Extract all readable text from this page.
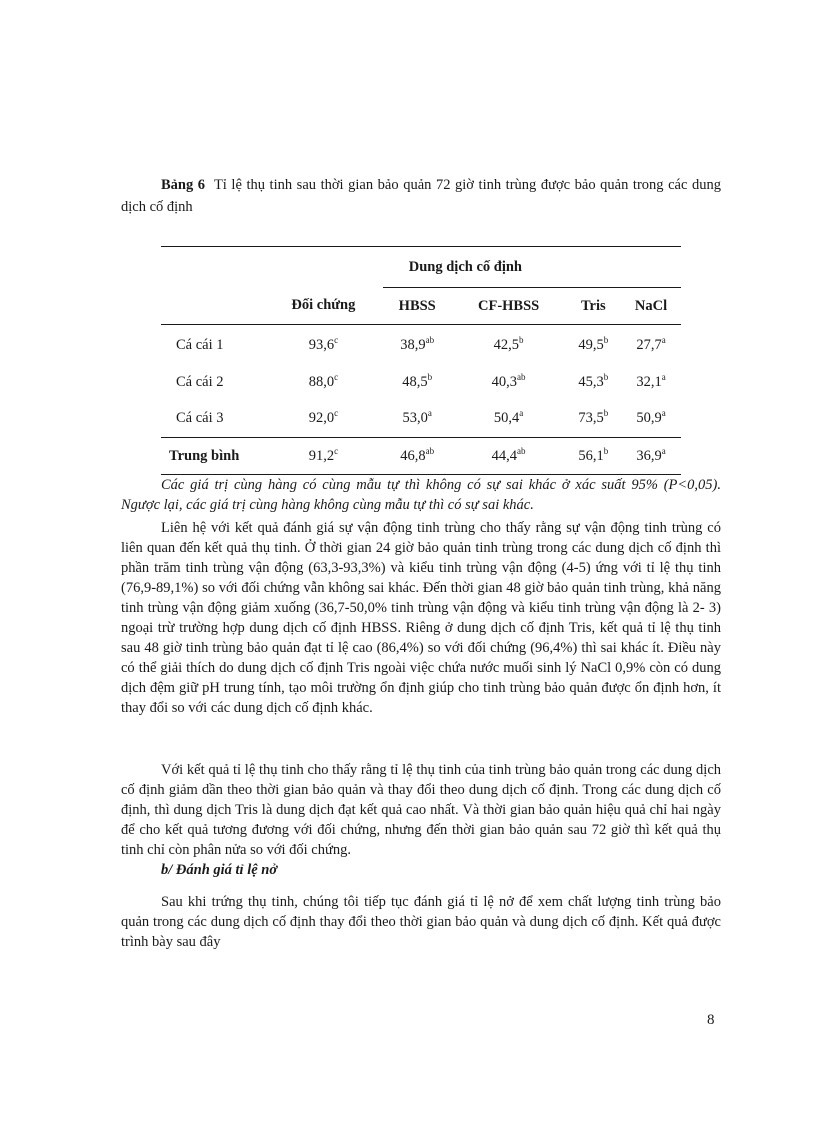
Bảng 6 Tỉ lệ thụ tinh sau thời gian bảo quản 72 giờ tinh trùng được bảo quản trong các dung dịch cố định
		Dung dịch cố định			
	Đối chứng	HBSS	CF-HBSS	Tris	NaCl
Cá cái 1	93,6$^c$	38,9$^{ab}$	42,5$^b$	49,5$^b$	27,7$^a$
Cá cái 2	88,0$^c$	48,5$^b$	40,3$^{ab}$	45,3$^b$	32,1$^a$
Cá cái 3	92,0$^c$	53,0$^a$	50,4$^a$	73,5$^b$	50,9$^a$
Trung bình	91,2$^c$	46,8$^{ab}$	44,4$^{ab}$	56,1$^b$	36,9$^a$
Các giá trị cùng hàng có cùng mẫu tự thì không có sự sai khác ở xác suất 95% (P<0,05). Ngược lại, các giá trị cùng hàng không cùng mẫu tự thì có sự sai khác.
Liên hệ với kết quả đánh giá sự vận động tinh trùng cho thấy rằng sự vận động tinh trùng có liên quan đến kết quả thụ tinh. Ở thời gian 24 giờ bảo quản tinh trùng trong các dung dịch cố định thì phần trăm tinh trùng vận động (63,3-93,3%) và kiểu tinh trùng vận động (4-5) ứng với tỉ lệ thụ tinh (76,9-89,1%) so với đối chứng vẫn không sai khác. Đến thời gian 48 giờ bảo quản tinh trùng, khả năng tinh trùng vận động giảm xuống (36,7-50,0% tinh trùng vận động và kiểu tinh trùng vận động là 2- 3) ngoại trừ trường hợp dung dịch cố định HBSS. Riêng ở dung dịch cố định Tris, kết quả tỉ lệ thụ tinh sau 48 giờ tinh trùng bảo quản đạt tỉ lệ cao (86,4%) so với đối chứng (96,4%) thì sai khác ít. Điều này có thể giải thích do dung dịch cố định Tris ngoài việc chứa nước muối sinh lý NaCl 0,9% còn có dung dịch đệm giữ pH trung tính, tạo môi trường ổn định giúp cho tinh trùng bảo quản được ổn định hơn, ít thay đổi so với các dung dịch cố định khác.
Với kết quả tỉ lệ thụ tinh cho thấy rằng tỉ lệ thụ tinh của tinh trùng bảo quản trong các dung dịch cố định giảm dần theo thời gian bảo quản và thay đổi theo dung dịch cố định. Trong các dung dịch cố định, thì dung dịch Tris là dung dịch đạt kết quả cao nhất. Và thời gian bảo quản hiệu quả chỉ hai ngày để cho kết quả tương đương với đối chứng, nhưng đến thời gian bảo quản sau 72 giờ thì kết quả thụ tinh chỉ còn phân nửa so với đối chứng.
b/ Đánh giá tỉ lệ nở
Sau khi trứng thụ tinh, chúng tôi tiếp tục đánh giá tỉ lệ nở để xem chất lượng tinh trùng bảo quản trong các dung dịch cố định thay đổi theo thời gian bảo quản và dung dịch cố định. Kết quả được trình bày sau đây
8
